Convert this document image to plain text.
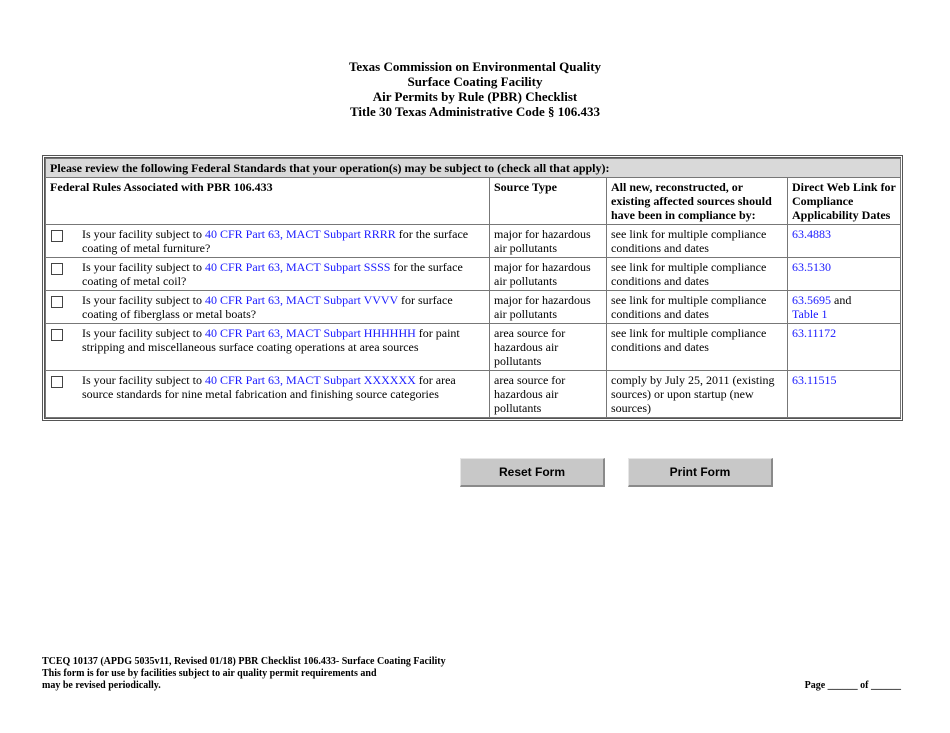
Texas Commission on Environmental Quality
Surface Coating Facility
Air Permits by Rule (PBR) Checklist
Title 30 Texas Administrative Code § 106.433
Please review the following Federal Standards that your operation(s) may be subject to (check all that apply):			
Federal Rules Associated with PBR 106.433	Source Type	All new, reconstructed, or existing affected sources should have been in compliance by:	Direct Web Link for Compliance Applicability Dates

Is your facility subject to 40 CFR Part 63, MACT Subpart RRRR for the surface coating of metal furniture?	major for hazardous air pollutants	see link for multiple compliance conditions and dates	63.4883

Is your facility subject to 40 CFR Part 63, MACT Subpart SSSS for the surface coating of metal coil?	major for hazardous air pollutants	see link for multiple compliance conditions and dates	63.5130

Is your facility subject to 40 CFR Part 63, MACT Subpart VVVV for surface coating of fiberglass or metal boats?	major for hazardous air pollutants	see link for multiple compliance conditions and dates	63.5695 and
Table 1

Is your facility subject to 40 CFR Part 63, MACT Subpart HHHHHH for paint stripping and miscellaneous surface coating operations at area sources	area source for hazardous air pollutants	see link for multiple compliance conditions and dates	63.11172

Is your facility subject to 40 CFR Part 63, MACT Subpart XXXXXX for area source standards for nine metal fabrication and finishing source categories	area source for hazardous air pollutants	comply by July 25, 2011 (existing sources) or upon startup (new sources)	63.11515
Reset Form	Print Form
TCEQ 10137 (APDG 5035v11, Revised 01/18) PBR Checklist 106.433- Surface Coating Facility
This form is for use by facilities subject to air quality permit requirements and
may be revised periodically.	Page ______ of ______
